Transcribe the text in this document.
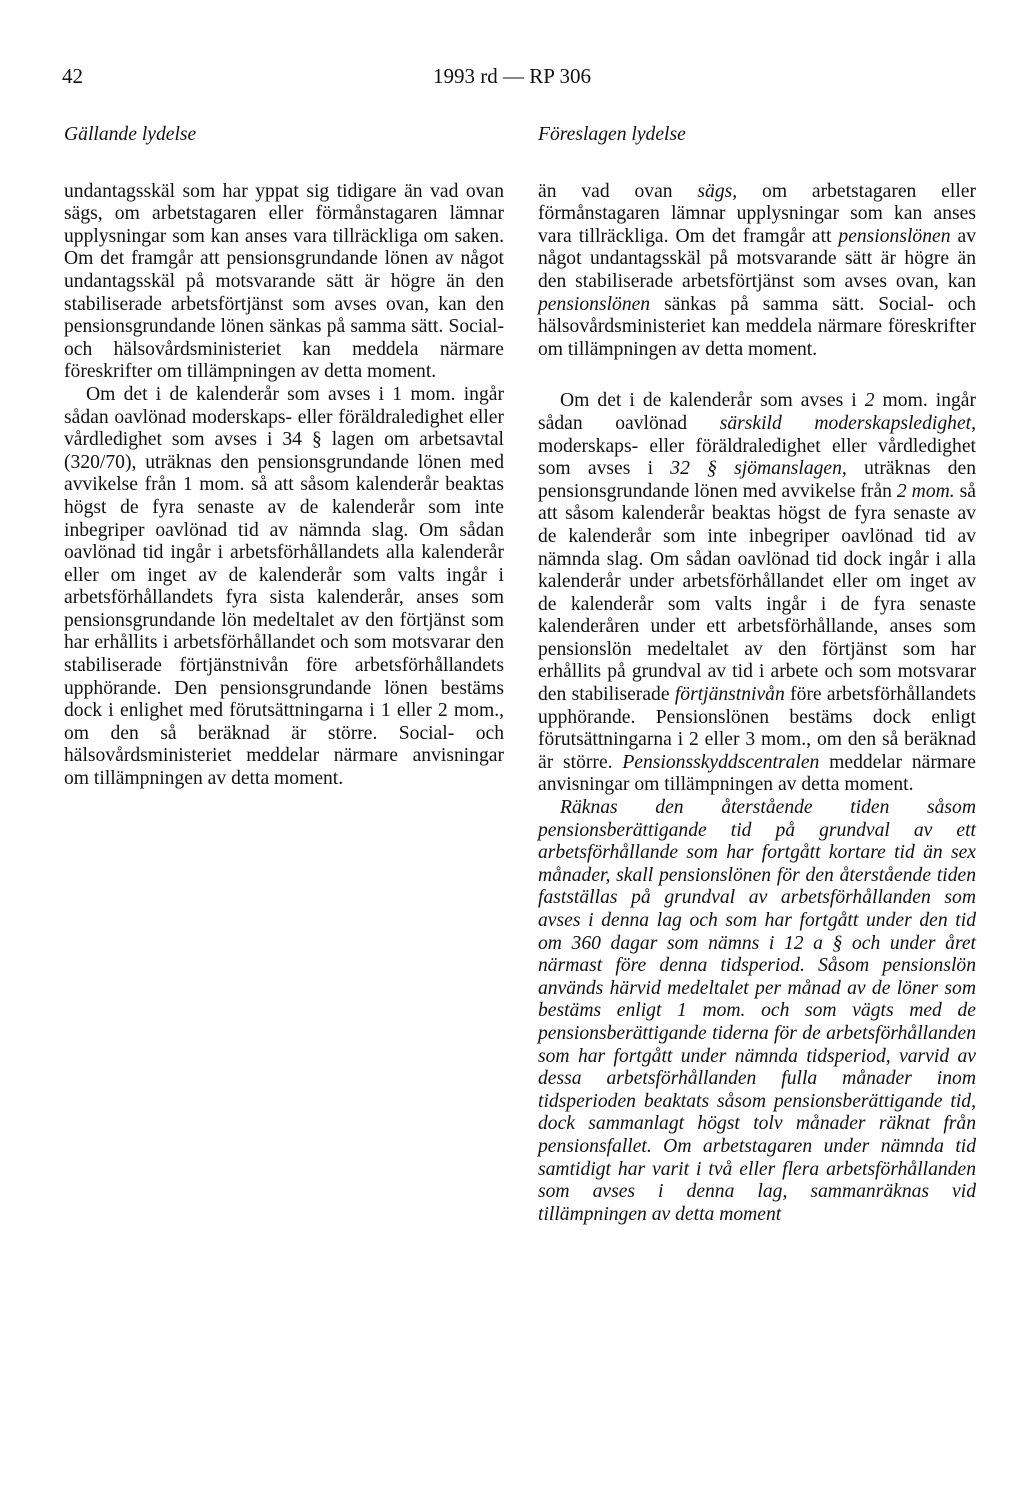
42	1993 rd — RP 306
Gällande lydelse

undantagsskäl som har yppat sig tidigare än vad ovan sägs, om arbetstagaren eller förmånstagaren lämnar upplysningar som kan anses vara tillräckliga om saken. Om det framgår att pensionsgrundande lönen av något undantagsskäl på motsvarande sätt är högre än den stabiliserade arbetsförtjänst som avses ovan, kan den pensionsgrundande lönen sänkas på samma sätt. Social- och hälsovårdsministeriet kan meddela närmare föreskrifter om tillämpningen av detta moment.

Om det i de kalenderår som avses i 1 mom. ingår sådan oavlönad moderskaps- eller föräldraledighet eller vårdledighet som avses i 34 § lagen om arbetsavtal (320/70), uträknas den pensionsgrundande lönen med avvikelse från 1 mom. så att såsom kalenderår beaktas högst de fyra senaste av de kalenderår som inte inbegriper oavlönad tid av nämnda slag. Om sådan oavlönad tid ingår i arbetsförhållandets alla kalenderår eller om inget av de kalenderår som valts ingår i arbetsförhållandets fyra sista kalenderår, anses som pensionsgrundande lön medeltalet av den förtjänst som har erhållits i arbetsförhållandet och som motsvarar den stabiliserade förtjänstnivån före arbetsförhållandets upphörande. Den pensionsgrundande lönen bestäms dock i enlighet med förutsättningarna i 1 eller 2 mom., om den så beräknad är större. Social- och hälsovårdsministeriet meddelar närmare anvisningar om tillämpningen av detta moment.

Föreslagen lydelse

än vad ovan sägs, om arbetstagaren eller förmånstagaren lämnar upplysningar som kan anses vara tillräckliga. Om det framgår att pensionslönen av något undantagsskäl på motsvarande sätt är högre än den stabiliserade arbetsförtjänst som avses ovan, kan pensionslönen sänkas på samma sätt. Social- och hälsovårdsministeriet kan meddela närmare föreskrifter om tillämpningen av detta moment.

Om det i de kalenderår som avses i 2 mom. ingår sådan oavlönad särskild moderskapsledighet, moderskaps- eller föräldraledighet eller vårdledighet som avses i 32 § sjömanslagen, uträknas den pensionsgrundande lönen med avvikelse från 2 mom. så att såsom kalenderår beaktas högst de fyra senaste av de kalenderår som inte inbegriper oavlönad tid av nämnda slag. Om sådan oavlönad tid dock ingår i alla kalenderår under arbetsförhållandet eller om inget av de kalenderår som valts ingår i de fyra senaste kalenderåren under ett arbetsförhållande, anses som pensionslön medeltalet av den förtjänst som har erhållits på grundval av tid i arbete och som motsvarar den stabiliserade förtjänstnivån före arbetsförhållandets upphörande. Pensionslönen bestäms dock enligt förutsättningarna i 2 eller 3 mom., om den så beräknad är större. Pensionsskyddscentralen meddelar närmare anvisningar om tillämpningen av detta moment.

Räknas den återstående tiden såsom pensionsberättigande tid på grundval av ett arbetsförhållande som har fortgått kortare tid än sex månader, skall pensionslönen för den återstående tiden fastställas på grundval av arbetsförhållanden som avses i denna lag och som har fortgått under den tid om 360 dagar som nämns i 12 a § och under året närmast före denna tidsperiod. Såsom pensionslön används härvid medeltalet per månad av de löner som bestäms enligt 1 mom. och som vägts med de pensionsberättigande tiderna för de arbetsförhållanden som har fortgått under nämnda tidsperiod, varvid av dessa arbetsförhållanden fulla månader inom tidsperioden beaktats såsom pensionsberättigande tid, dock sammanlagt högst tolv månader räknat från pensionsfallet. Om arbetstagaren under nämnda tid samtidigt har varit i två eller flera arbetsförhållanden som avses i denna lag, sammanräknas vid tillämpningen av detta moment
